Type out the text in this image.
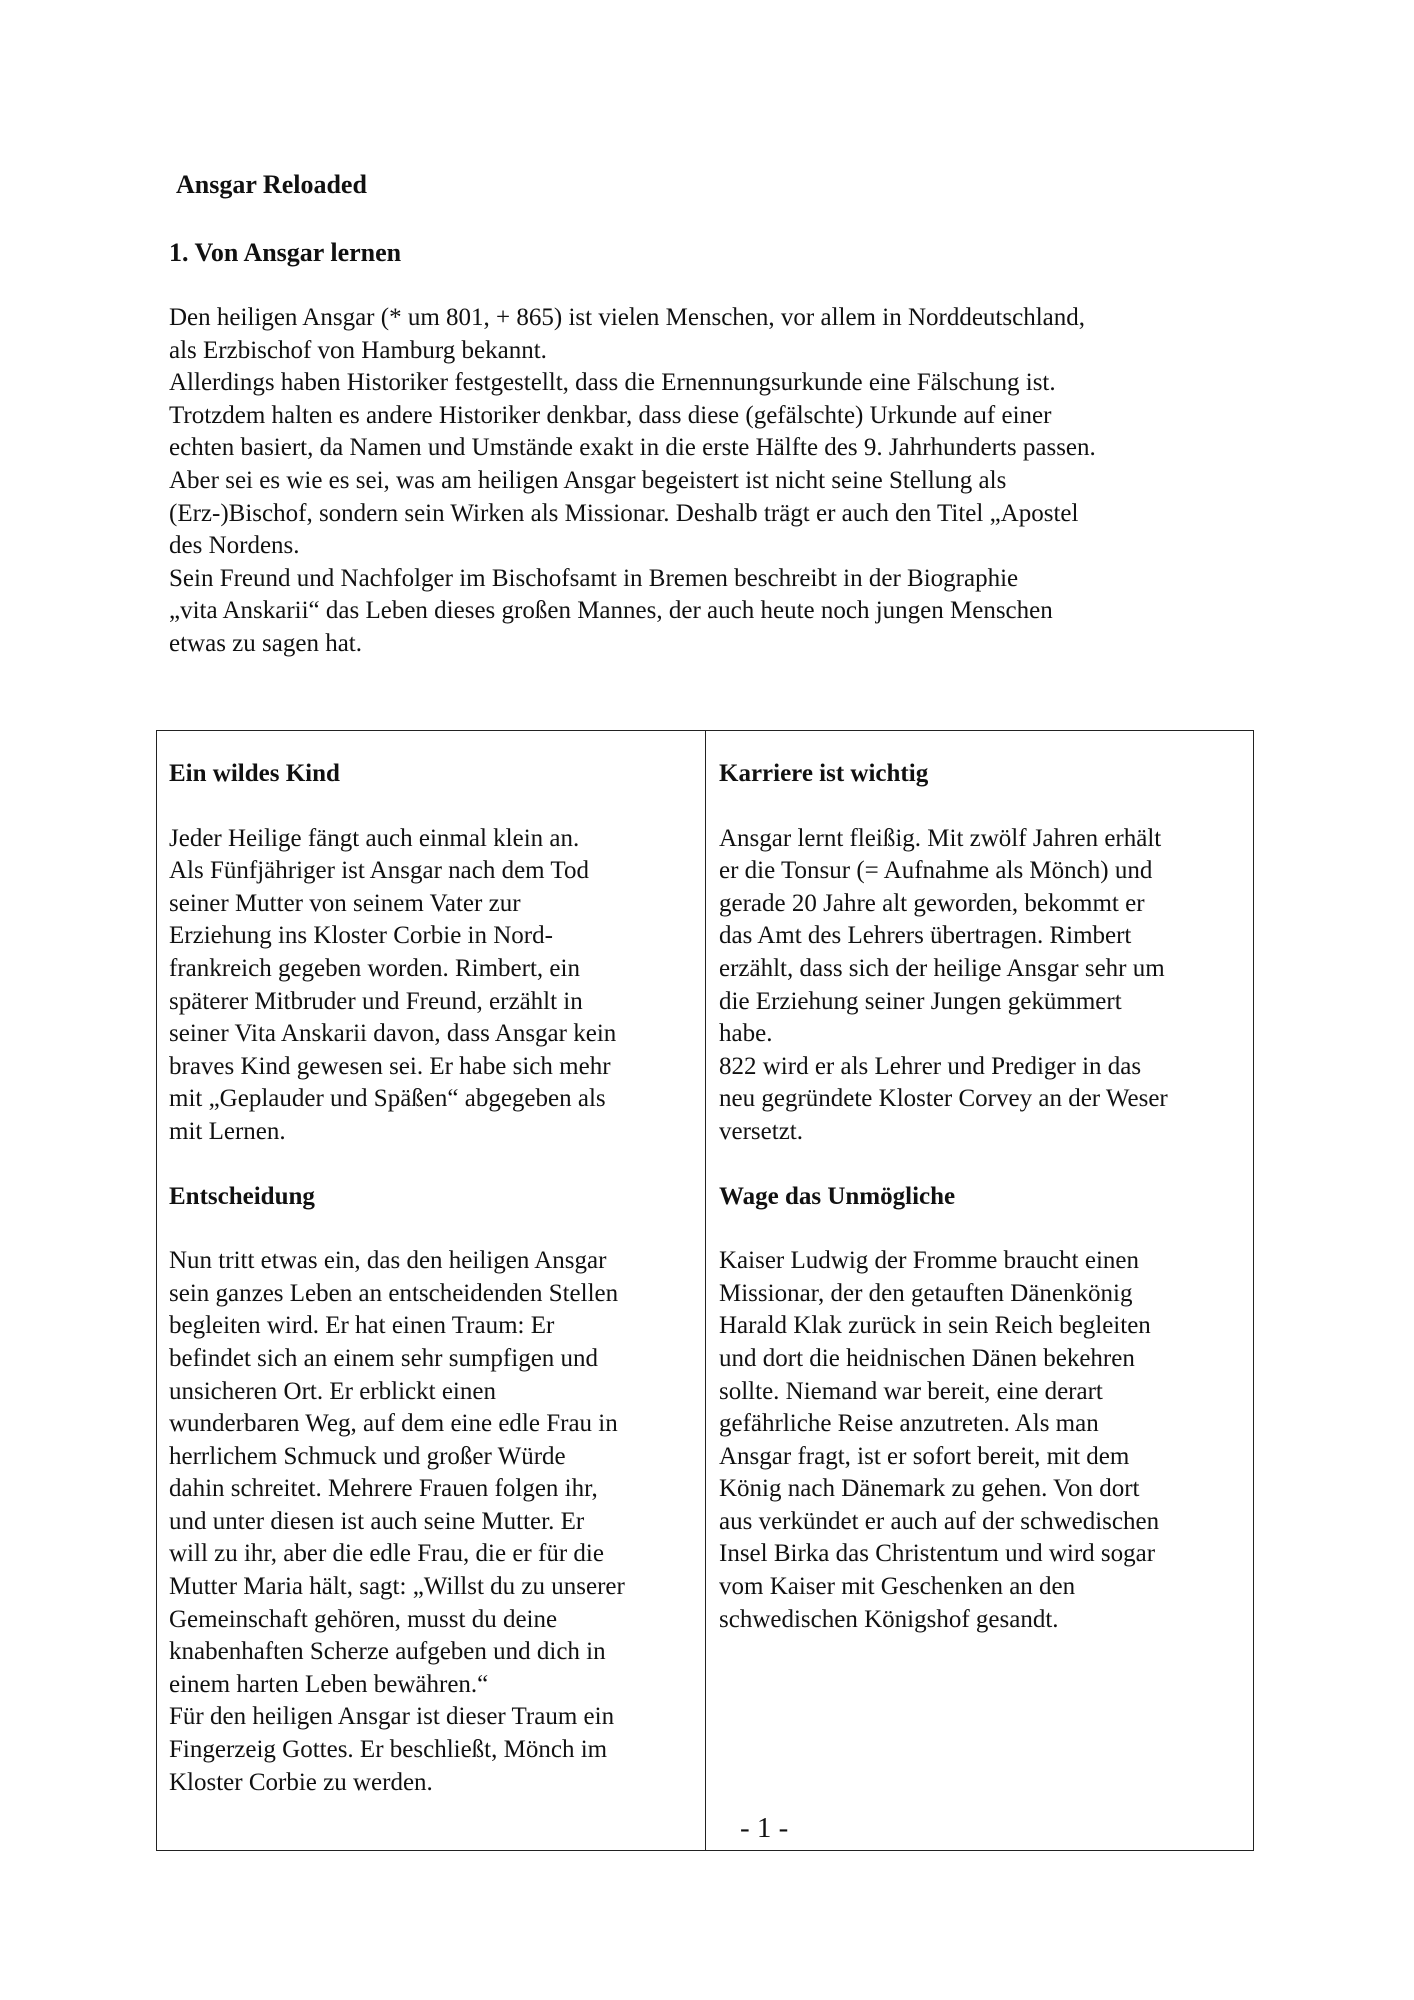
Ansgar Reloaded
1. Von Ansgar lernen

Den heiligen Ansgar (* um 801, + 865) ist vielen Menschen, vor allem in Norddeutschland,
als Erzbischof von Hamburg bekannt.
Allerdings haben Historiker festgestellt, dass die Ernennungsurkunde eine Fälschung ist.
Trotzdem halten es andere Historiker denkbar, dass diese (gefälschte) Urkunde auf einer
echten basiert, da Namen und Umstände exakt in die erste Hälfte des 9. Jahrhunderts passen.
Aber sei es wie es sei, was am heiligen Ansgar begeistert ist nicht seine Stellung als
(Erz-)Bischof, sondern sein Wirken als Missionar. Deshalb trägt er auch den Titel „Apostel
des Nordens.
Sein Freund und Nachfolger im Bischofsamt in Bremen beschreibt in der Biographie
„vita Anskarii“ das Leben dieses großen Mannes, der auch heute noch jungen Menschen
etwas zu sagen hat.

Ein wildes Kind

Jeder Heilige fängt auch einmal klein an.
Als Fünfjähriger ist Ansgar nach dem Tod
seiner Mutter von seinem Vater zur
Erziehung ins Kloster Corbie in Nord-
frankreich gegeben worden. Rimbert, ein
späterer Mitbruder und Freund, erzählt in
seiner Vita Anskarii davon, dass Ansgar kein
braves Kind gewesen sei. Er habe sich mehr
mit „Geplauder und Späßen“ abgegeben als
mit Lernen.

Entscheidung

Nun tritt etwas ein, das den heiligen Ansgar
sein ganzes Leben an entscheidenden Stellen
begleiten wird. Er hat einen Traum: Er
befindet sich an einem sehr sumpfigen und
unsicheren Ort. Er erblickt einen
wunderbaren Weg, auf dem eine edle Frau in
herrlichem Schmuck und großer Würde
dahin schreitet. Mehrere Frauen folgen ihr,
und unter diesen ist auch seine Mutter. Er
will zu ihr, aber die edle Frau, die er für die
Mutter Maria hält, sagt: „Willst du zu unserer
Gemeinschaft gehören, musst du deine
knabenhaften Scherze aufgeben und dich in
einem harten Leben bewähren.“
Für den heiligen Ansgar ist dieser Traum ein
Fingerzeig Gottes. Er beschließt, Mönch im
Kloster Corbie zu werden.

Karriere ist wichtig

Ansgar lernt fleißig. Mit zwölf Jahren erhält
er die Tonsur (= Aufnahme als Mönch) und
gerade 20 Jahre alt geworden, bekommt er
das Amt des Lehrers übertragen. Rimbert
erzählt, dass sich der heilige Ansgar sehr um
die Erziehung seiner Jungen gekümmert
habe.
822 wird er als Lehrer und Prediger in das
neu gegründete Kloster Corvey an der Weser
versetzt.

Wage das Unmögliche

Kaiser Ludwig der Fromme braucht einen
Missionar, der den getauften Dänenkönig
Harald Klak zurück in sein Reich begleiten
und dort die heidnischen Dänen bekehren
sollte. Niemand war bereit, eine derart
gefährliche Reise anzutreten. Als man
Ansgar fragt, ist er sofort bereit, mit dem
König nach Dänemark zu gehen. Von dort
aus verkündet er auch auf der schwedischen
Insel Birka das Christentum und wird sogar
vom Kaiser mit Geschenken an den
schwedischen Königshof gesandt.

- 1 -
